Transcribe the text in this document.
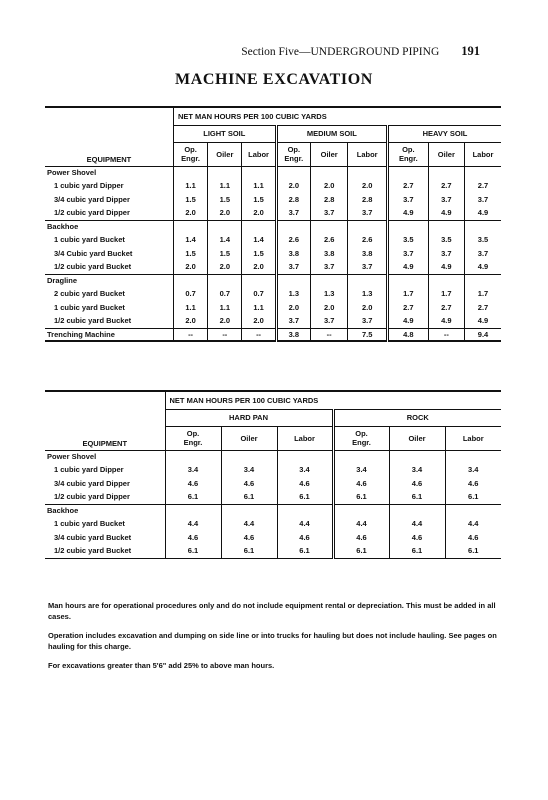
Section Five—UNDERGROUND PIPING 191
MACHINE EXCAVATION
	NET MAN HOURS PER 100 CUBIC YARDS								
	LIGHT SOIL			MEDIUM SOIL			HEAVY SOIL		
EQUIPMENT	Op.
Engr.	Oiler	Labor	Op.
Engr.	Oiler	Labor	Op.
Engr.	Oiler	Labor
Power Shovel									
1 cubic yard Dipper	1.1	1.1	1.1	2.0	2.0	2.0	2.7	2.7	2.7
3/4 cubic yard Dipper	1.5	1.5	1.5	2.8	2.8	2.8	3.7	3.7	3.7
1/2 cubic yard Dipper	2.0	2.0	2.0	3.7	3.7	3.7	4.9	4.9	4.9
Backhoe									
1 cubic yard Bucket	1.4	1.4	1.4	2.6	2.6	2.6	3.5	3.5	3.5
3/4 Cubic yard Bucket	1.5	1.5	1.5	3.8	3.8	3.8	3.7	3.7	3.7
1/2 cubic yard Bucket	2.0	2.0	2.0	3.7	3.7	3.7	4.9	4.9	4.9
Dragline									
2 cubic yard Bucket	0.7	0.7	0.7	1.3	1.3	1.3	1.7	1.7	1.7
1 cubic yard Bucket	1.1	1.1	1.1	2.0	2.0	2.0	2.7	2.7	2.7
1/2 cubic yard Bucket	2.0	2.0	2.0	3.7	3.7	3.7	4.9	4.9	4.9
Trenching Machine	--	--	--	3.8	--	7.5	4.8	--	9.4
	NET MAN HOURS PER 100 CUBIC YARDS					
	HARD PAN			ROCK		
EQUIPMENT	Op.
Engr.	Oiler	Labor	Op.
Engr.	Oiler	Labor
Power Shovel						
1 cubic yard Dipper	3.4	3.4	3.4	3.4	3.4	3.4
3/4 cubic yard Dipper	4.6	4.6	4.6	4.6	4.6	4.6
1/2 cubic yard Dipper	6.1	6.1	6.1	6.1	6.1	6.1
Backhoe						
1 cubic yard Bucket	4.4	4.4	4.4	4.4	4.4	4.4
3/4 cubic yard Bucket	4.6	4.6	4.6	4.6	4.6	4.6
1/2 cubic yard Bucket	6.1	6.1	6.1	6.1	6.1	6.1

Man hours are for operational procedures only and do not include equipment rental or depreciation. This must be added in all cases.

Operation includes excavation and dumping on side line or into trucks for hauling but does not include hauling. See pages on hauling for this charge.

For excavations greater than 5'6" add 25% to above man hours.
